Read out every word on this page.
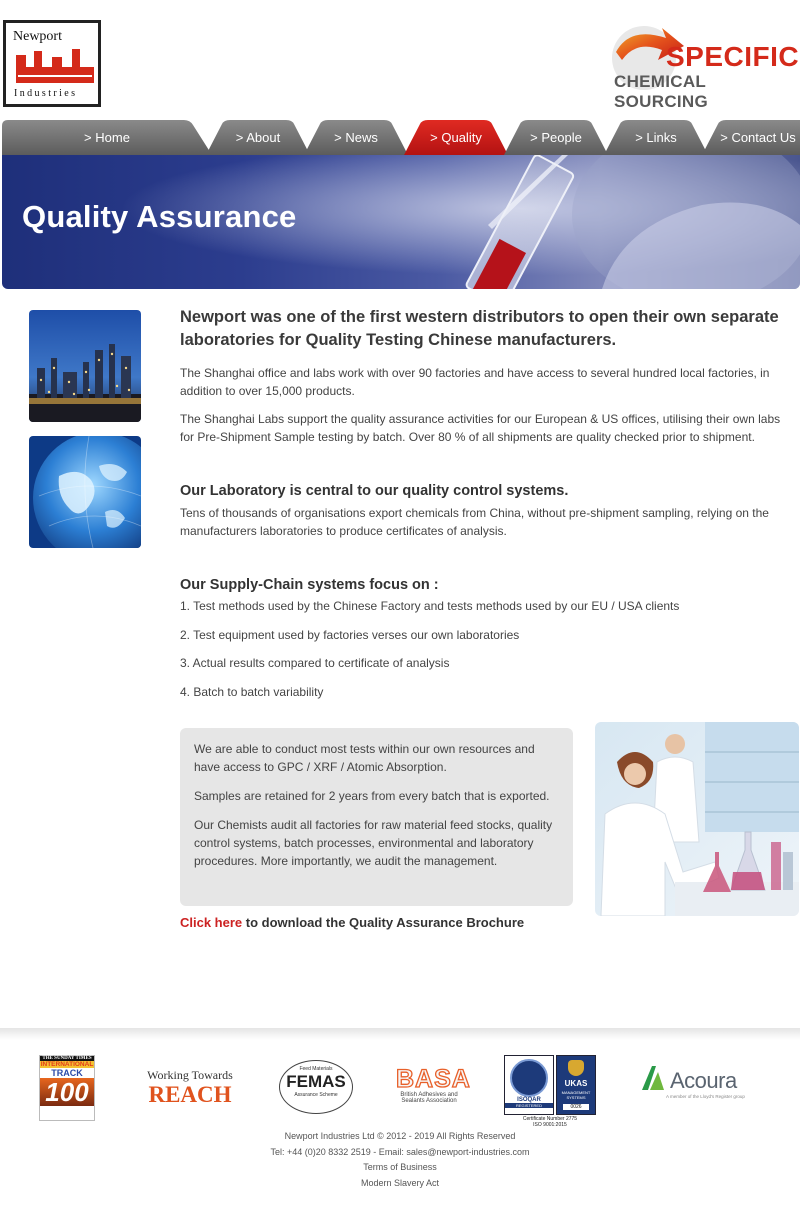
Newport
Industries
SPECIFIC
CHEMICAL SOURCING
> Home	> About	> News	> Quality	> People	> Links	> Contact Us
Quality Assurance
Newport was one of the first western distributors to open their own separate laboratories for Quality Testing Chinese manufacturers.

The Shanghai office and labs work with over 90 factories and have access to several hundred local factories, in addition to over 15,000 products.

The Shanghai Labs support the quality assurance activities for our European & US offices, utilising their own labs for Pre-Shipment Sample testing by batch. Over 80 % of all shipments are quality checked prior to shipment.

Our Laboratory is central to our quality control systems.

Tens of thousands of organisations export chemicals from China, without pre-shipment sampling, relying on the manufacturers laboratories to produce certificates of analysis.

Our Supply-Chain systems focus on :
1. Test methods used by the Chinese Factory and tests methods used by our EU / USA clients
2. Test equipment used by factories verses our own laboratories
3. Actual results compared to certificate of analysis
4. Batch to batch variability

We are able to conduct most tests within our own resources and have access to GPC / XRF / Atomic Absorption.

Samples are retained for 2 years from every batch that is exported.

Our Chemists audit all factories for raw material feed stocks, quality control systems, batch processes, environmental and laboratory procedures. More importantly, we audit the management.

Click here to download the Quality Assurance Brochure
THE SUNDAY TIMES
INTERNATIONAL
TRACK
100
Working Towards
REACH
Feed Materials
FEMAS
Assurance Scheme
BASA
British Adhesives and
Sealants Association	ISOQAR
REGISTERED
UKAS
MANAGEMENT SYSTEMS
0026
Certificate Number 2775
ISO 9001:2015
Acoura
A member of the Lloyd's Register group
Newport Industries Ltd © 2012 - 2019 All Rights Reserved
Tel: +44 (0)20 8332 2519 - Email: sales@newport-industries.com
Terms of Business
Modern Slavery Act
